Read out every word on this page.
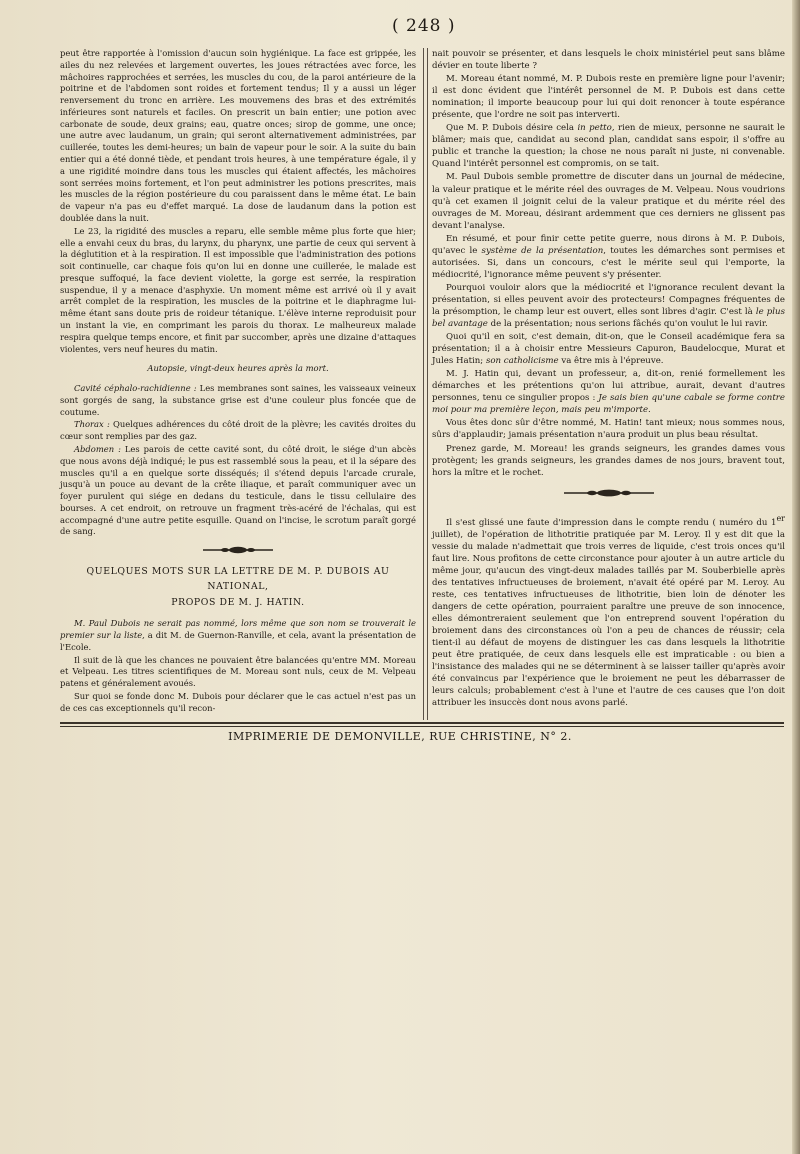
( 248 )

peut être rapportée à l'omission d'aucun soin hygiénique. La face est grippée, les ailes du nez relevées et largement ouvertes, les joues rétractées avec force, les mâchoires rapprochées et serrées, les muscles du cou, de la paroi antérieure de la poitrine et de l'abdomen sont roides et fortement tendus; Il y a aussi un léger renversement du tronc en arrière. Les mouvemens des bras et des extrémités inférieures sont naturels et faciles. On prescrit un bain entier; une potion avec carbonate de soude, deux grains; eau, quatre onces; sirop de gomme, une once; une autre avec laudanum, un grain; qui seront alternativement administrées, par cuillerée, toutes les demi-heures; un bain de vapeur pour le soir. A la suite du bain entier qui a été donné tiède, et pendant trois heures, à une température égale, il y a une rigidité moindre dans tous les muscles qui étaient affectés, les mâchoires sont serrées moins fortement, et l'on peut administrer les potions prescrites, mais les muscles de la région postérieure du cou paraissent dans le même état. Le bain de vapeur n'a pas eu d'effet marqué. La dose de laudanum dans la potion est doublée dans la nuit.

Le 23, la rigidité des muscles a reparu, elle semble même plus forte que hier; elle a envahi ceux du bras, du larynx, du pharynx, une partie de ceux qui servent à la déglutition et à la respiration. Il est impossible que l'administration des potions soit continuelle, car chaque fois qu'on lui en donne une cuillerée, le malade est presque suffoqué, la face devient violette, la gorge est serrée, la respiration suspendue, il y a menace d'asphyxie. Un moment même est arrivé où il y avait arrêt complet de la respiration, les muscles de la poitrine et le diaphragme lui-même étant sans doute pris de roideur tétanique. L'élève interne reproduisit pour un instant la vie, en comprimant les parois du thorax. Le malheureux malade respira quelque temps encore, et finit par succomber, après une dizaine d'attaques violentes, vers neuf heures du matin.

Autopsie, vingt-deux heures après la mort.

Cavité céphalo-rachidienne : Les membranes sont saines, les vaisseaux veineux sont gorgés de sang, la substance grise est d'une couleur plus foncée que de coutume.

Thorax : Quelques adhérences du côté droit de la plèvre; les cavités droites du cœur sont remplies par des gaz.

Abdomen : Les parois de cette cavité sont, du côté droit, le siége d'un abcès que nous avons déjà indiqué; le pus est rassemblé sous la peau, et il la sépare des muscles qu'il a en quelque sorte disséqués; il s'étend depuis l'arcade crurale, jusqu'à un pouce au devant de la crête iliaque, et paraît communiquer avec un foyer purulent qui siége en dedans du testicule, dans le tissu cellulaire des bourses. A cet endroit, on retrouve un fragment très-acéré de l'échalas, qui est accompagné d'une autre petite esquille. Quand on l'incise, le scrotum paraît gorgé de sang.

QUELQUES MOTS SUR LA LETTRE DE M. P. DUBOIS AU NATIONAL,

PROPOS DE M. J. HATIN.

M. Paul Dubois ne serait pas nommé, lors même que son nom se trouverait le premier sur la liste, a dit M. de Guernon-Ranville, et cela, avant la présentation de l'Ecole.

Il suit de là que les chances ne pouvaient être balancées qu'entre MM. Moreau et Velpeau. Les titres scientifiques de M. Moreau sont nuls, ceux de M. Velpeau patens et généralement avoués.

Sur quoi se fonde donc M. Dubois pour déclarer que le cas actuel n'est pas un de ces cas exceptionnels qu'il recon-

nait pouvoir se présenter, et dans lesquels le choix ministériel peut sans blâme dévier en toute liberte ?

M. Moreau étant nommé, M. P. Dubois reste en première ligne pour l'avenir; il est donc évident que l'intérêt personnel de M. P. Dubois est dans cette nomination; il importe beaucoup pour lui qui doit renoncer à toute espérance présente, que l'ordre ne soit pas interverti.

Que M. P. Dubois désire cela in petto, rien de mieux, personne ne saurait le blâmer; mais que, candidat au second plan, candidat sans espoir, il s'offre au public et tranche la question; la chose ne nous paraît ni juste, ni convenable. Quand l'intérêt personnel est compromis, on se tait.

M. Paul Dubois semble promettre de discuter dans un journal de médecine, la valeur pratique et le mérite réel des ouvrages de M. Velpeau. Nous voudrions qu'à cet examen il joignit celui de la valeur pratique et du mérite réel des ouvrages de M. Moreau, désirant ardemment que ces derniers ne glissent pas devant l'analyse.

En résumé, et pour finir cette petite guerre, nous dirons à M. P. Dubois, qu'avec le système de la présentation, toutes les démarches sont permises et autorisées. Si, dans un concours, c'est le mérite seul qui l'emporte, la médiocrité, l'ignorance même peuvent s'y présenter.

Pourquoi vouloir alors que la médiocrité et l'ignorance reculent devant la présentation, si elles peuvent avoir des protecteurs! Compagnes fréquentes de la présomption, le champ leur est ouvert, elles sont libres d'agir. C'est là le plus bel avantage de la présentation; nous serions fâchés qu'on voulut le lui ravir.

Quoi qu'il en soit, c'est demain, dit-on, que le Conseil académique fera sa présentation; il a à choisir entre Messieurs Capuron, Baudelocque, Murat et Jules Hatin; son catholicisme va être mis à l'épreuve.

M. J. Hatin qui, devant un professeur, a, dit-on, renié formellement les démarches et les prétentions qu'on lui attribue, aurait, devant d'autres personnes, tenu ce singulier propos : Je sais bien qu'une cabale se forme contre moi pour ma première leçon, mais peu m'importe.

Vous êtes donc sûr d'être nommé, M. Hatin! tant mieux; nous sommes nous, sûrs d'applaudir; jamais présentation n'aura produit un plus beau résultat.

Prenez garde, M. Moreau! les grands seigneurs, les grandes dames vous protègent; les grands seigneurs, les grandes dames de nos jours, bravent tout, hors la mître et le rochet.

Il s'est glissé une faute d'impression dans le compte rendu ( numéro du 1er juillet), de l'opération de lithotritie pratiquée par M. Leroy. Il y est dit que la vessie du malade n'admettait que trois verres de liquide, c'est trois onces qu'il faut lire. Nous profitons de cette circonstance pour ajouter à un autre article du même jour, qu'aucun des vingt-deux malades taillés par M. Souberbielle après des tentatives infructueuses de broiement, n'avait été opéré par M. Leroy. Au reste, ces tentatives infructueuses de lithotritie, bien loin de dénoter les dangers de cette opération, pourraient paraître une preuve de son innocence, elles démontreraient seulement que l'on entreprend souvent l'opération du broiement dans des circonstances où l'on a peu de chances de réussir; cela tient-il au défaut de moyens de distinguer les cas dans lesquels la lithotritie peut être pratiquée, de ceux dans lesquels elle est impraticable : ou bien a l'insistance des malades qui ne se déterminent à se laisser tailler qu'après avoir été convaincus par l'expérience que le broiement ne peut les débarrasser de leurs calculs; probablement c'est à l'une et l'autre de ces causes que l'on doit attribuer les insuccès dont nous avons parlé.

IMPRIMERIE DE DEMONVILLE, RUE CHRISTINE, N° 2.
